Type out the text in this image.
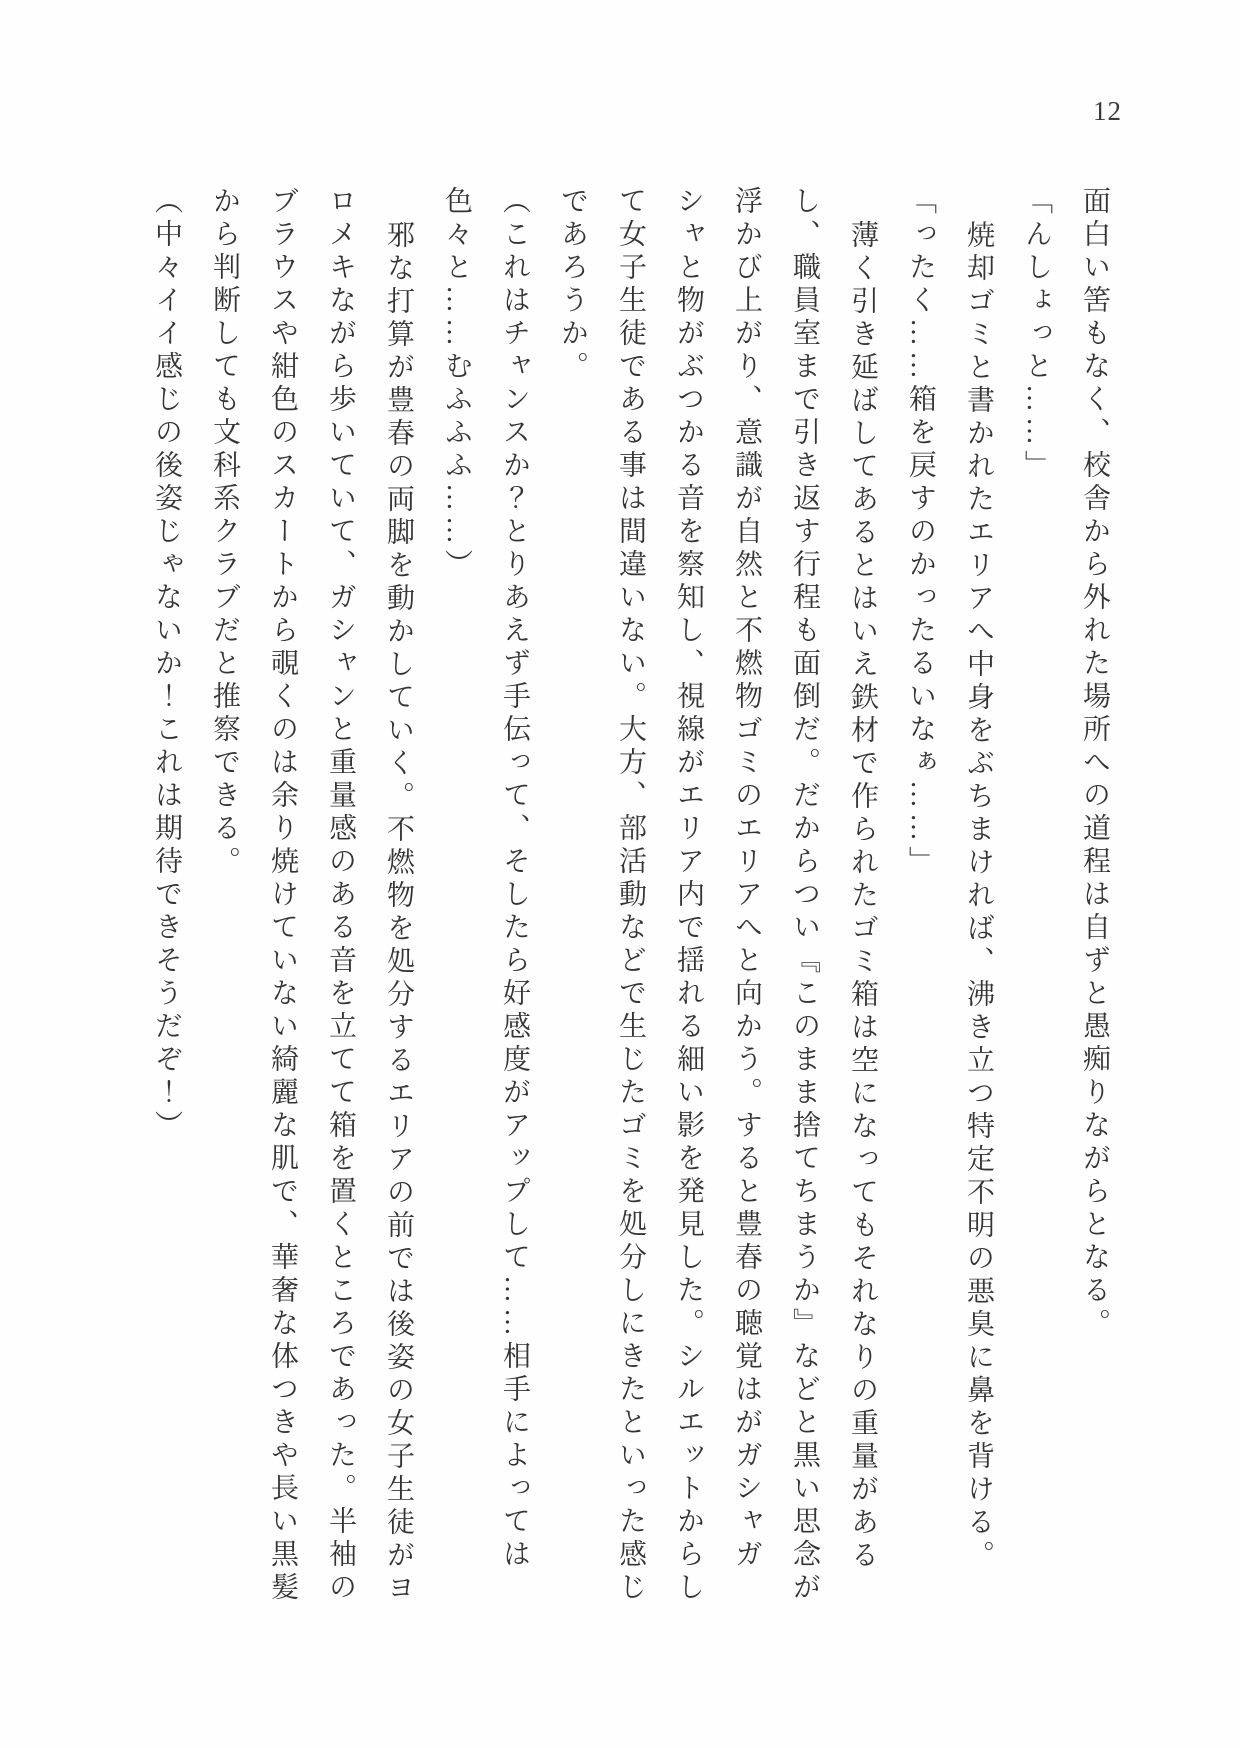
12

面白い筈もなく、校舎から外れた場所への道程は自ずと愚痴りながらとなる。

「んしょっと……」

焼却ゴミと書かれたエリアへ中身をぶちまければ、沸き立つ特定不明の悪臭に鼻を背ける。

「ったく……箱を戻すのかったるいなぁ……」

薄く引き延ばしてあるとはいえ鉄材で作られたゴミ箱は空になってもそれなりの重量があるし、職員室まで引き返す行程も面倒だ。だからつい『このまま捨てちまうか』などと黒い思念が浮かび上がり、意識が自然と不燃物ゴミのエリアへと向かう。すると豊春の聴覚はがガシャガシャと物がぶつかる音を察知し、視線がエリア内で揺れる細い影を発見した。シルエットからして女子生徒である事は間違いない。大方、部活動などで生じたゴミを処分しにきたといった感じであろうか。

（これはチャンスか？とりあえず手伝って、そしたら好感度がアップして……相手によっては色々と……むふふふ……）

邪な打算が豊春の両脚を動かしていく。不燃物を処分するエリアの前では後姿の女子生徒がヨロメキながら歩いていて、ガシャンと重量感のある音を立てて箱を置くところであった。半袖のブラウスや紺色のスカートから覗くのは余り焼けていない綺麗な肌で、華奢な体つきや長い黒髪から判断しても文科系クラブだと推察できる。

（中々イイ感じの後姿じゃないか！これは期待できそうだぞ！）
